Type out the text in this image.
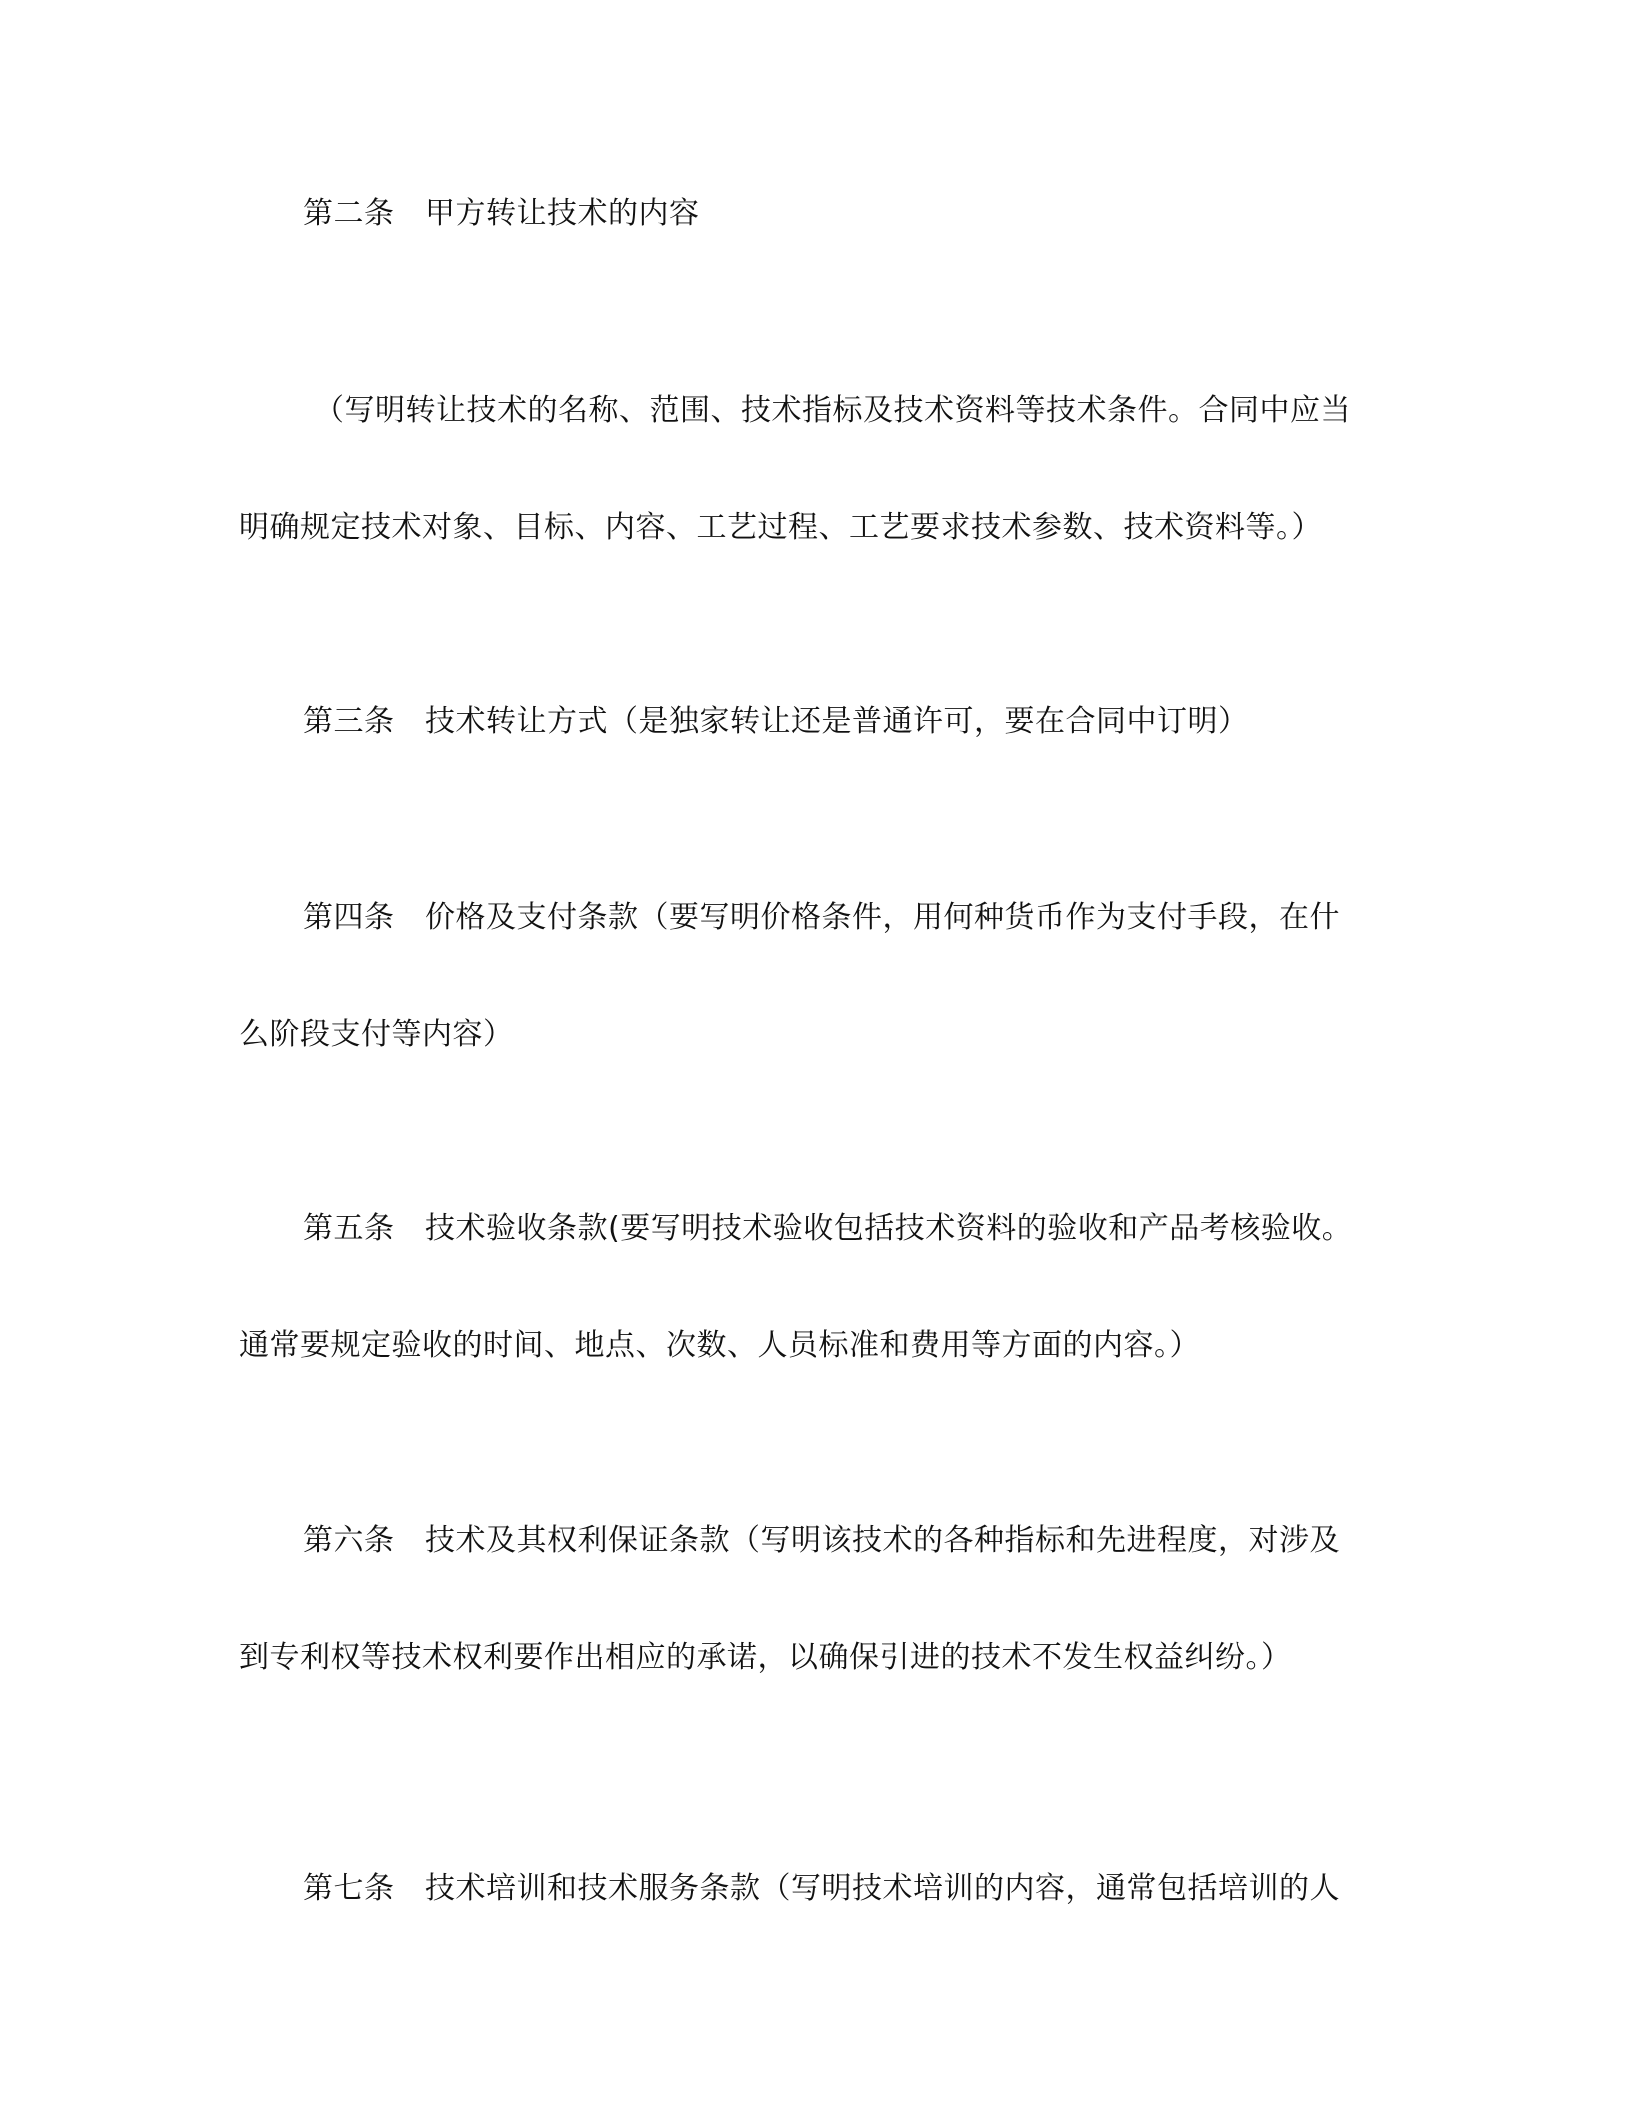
第二条　甲方转让技术的内容
（写明转让技术的名称、范围、技术指标及技术资料等技术条件。合同中应当
明确规定技术对象、目标、内容、工艺过程、工艺要求技术参数、技术资料等。）
第三条　技术转让方式（是独家转让还是普通许可，要在合同中订明）
第四条　价格及支付条款（要写明价格条件，用何种货币作为支付手段，在什
么阶段支付等内容）
第五条　技术验收条款(要写明技术验收包括技术资料的验收和产品考核验收。
通常要规定验收的时间、地点、次数、人员标准和费用等方面的内容。）
第六条　技术及其权利保证条款（写明该技术的各种指标和先进程度，对涉及
到专利权等技术权利要作出相应的承诺，以确保引进的技术不发生权益纠纷。）
第七条　技术培训和技术服务条款（写明技术培训的内容，通常包括培训的人
